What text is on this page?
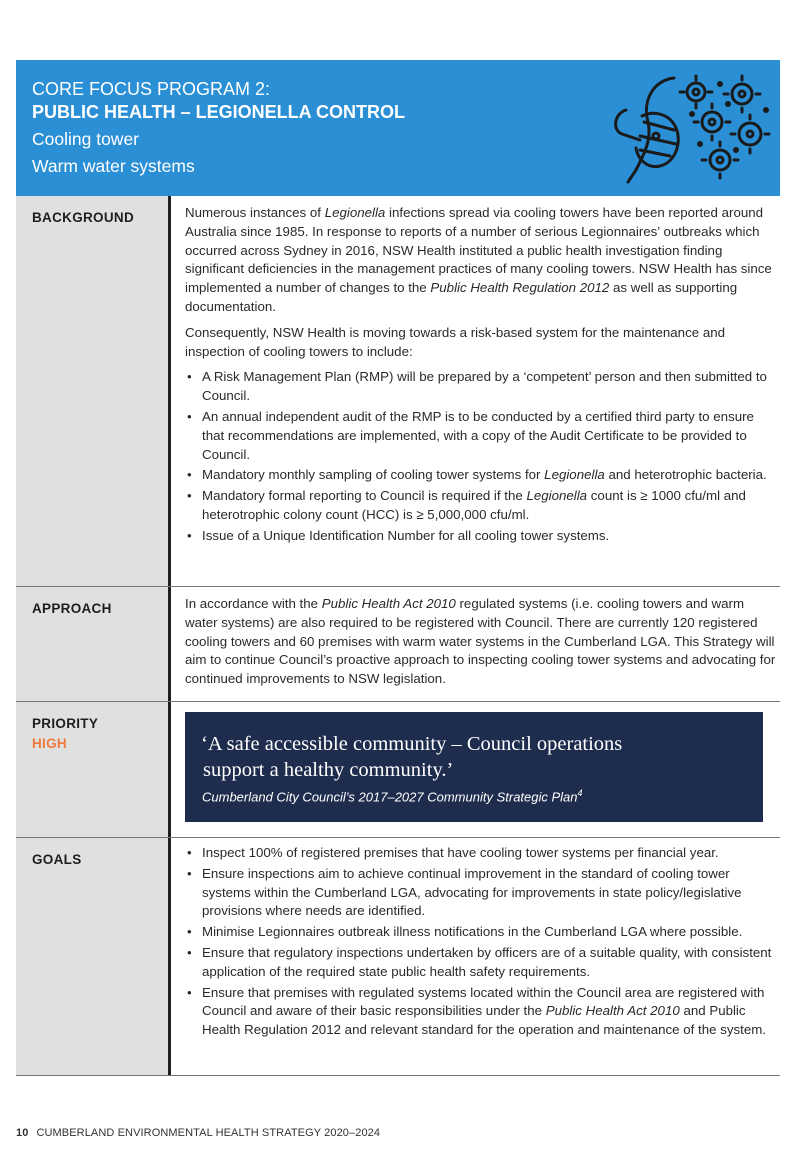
CORE FOCUS PROGRAM 2:
PUBLIC HEALTH – LEGIONELLA CONTROL
Cooling tower
Warm water systems
BACKGROUND	Numerous instances of Legionella infections spread via cooling towers have been reported around Australia since 1985. In response to reports of a number of serious Legionnaires’ outbreaks which occurred across Sydney in 2016, NSW Health instituted a public health investigation finding significant deficiencies in the management practices of many cooling towers. NSW Health has since implemented a number of changes to the Public Health Regulation 2012 as well as supporting documentation.

Consequently, NSW Health is moving towards a risk-based system for the maintenance and inspection of cooling towers to include:

• A Risk Management Plan (RMP) will be prepared by a ‘competent’ person and then submitted to Council.
• An annual independent audit of the RMP is to be conducted by a certified third party to ensure that recommendations are implemented, with a copy of the Audit Certificate to be provided to Council.
• Mandatory monthly sampling of cooling tower systems for Legionella and heterotrophic bacteria.
• Mandatory formal reporting to Council is required if the Legionella count is ≥ 1000 cfu/ml and heterotrophic colony count (HCC) is ≥ 5,000,000 cfu/ml.
• Issue of a Unique Identification Number for all cooling tower systems.
APPROACH	In accordance with the Public Health Act 2010 regulated systems (i.e. cooling towers and warm water systems) are also required to be registered with Council. There are currently 120 registered cooling towers and 60 premises with warm water systems in the Cumberland LGA. This Strategy will aim to continue Council’s proactive approach to inspecting cooling tower systems and advocating for continued improvements to NSW legislation.

PRIORITY
HIGH	‘A safe accessible community – Council operations
support a healthy community.’
Cumberland City Council’s 2017–2027 Community Strategic Plan$^4$
GOALS
•	Inspect 100% of registered premises that have cooling tower systems per financial year.
• Ensure inspections aim to achieve continual improvement in the standard of cooling tower systems within the Cumberland LGA, advocating for improvements in state policy/legislative provisions where needs are identified.
• Minimise Legionnaires outbreak illness notifications in the Cumberland LGA where possible.
• Ensure that regulatory inspections undertaken by officers are of a suitable quality, with consistent application of the required state public health safety requirements.
• Ensure that premises with regulated systems located within the Council area are registered with Council and aware of their basic responsibilities under the Public Health Act 2010 and Public Health Regulation 2012 and relevant standard for the operation and maintenance of the system.
10 CUMBERLAND ENVIRONMENTAL HEALTH STRATEGY 2020–2024
